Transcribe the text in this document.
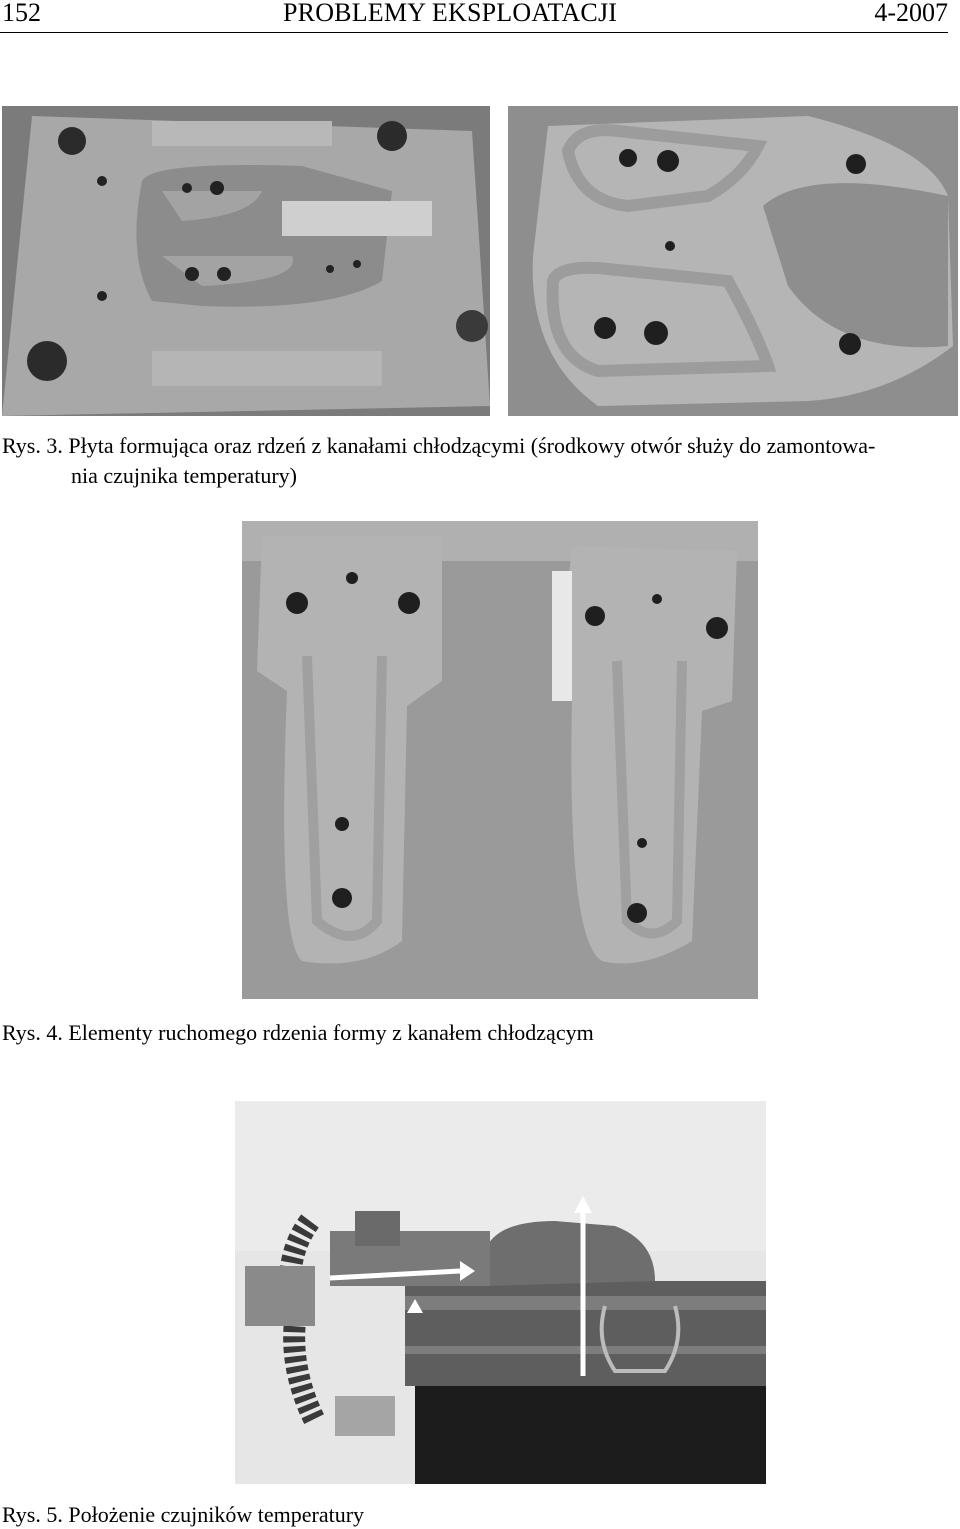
152	PROBLEMY EKSPLOATACJI	4-2007
Rys. 3. Płyta formująca oraz rdzeń z kanałami chłodzącymi (środkowy otwór służy do zamontowa-
nia czujnika temperatury)
Rys. 4. Elementy ruchomego rdzenia formy z kanałem chłodzącym
Rys. 5. Położenie czujników temperatury
